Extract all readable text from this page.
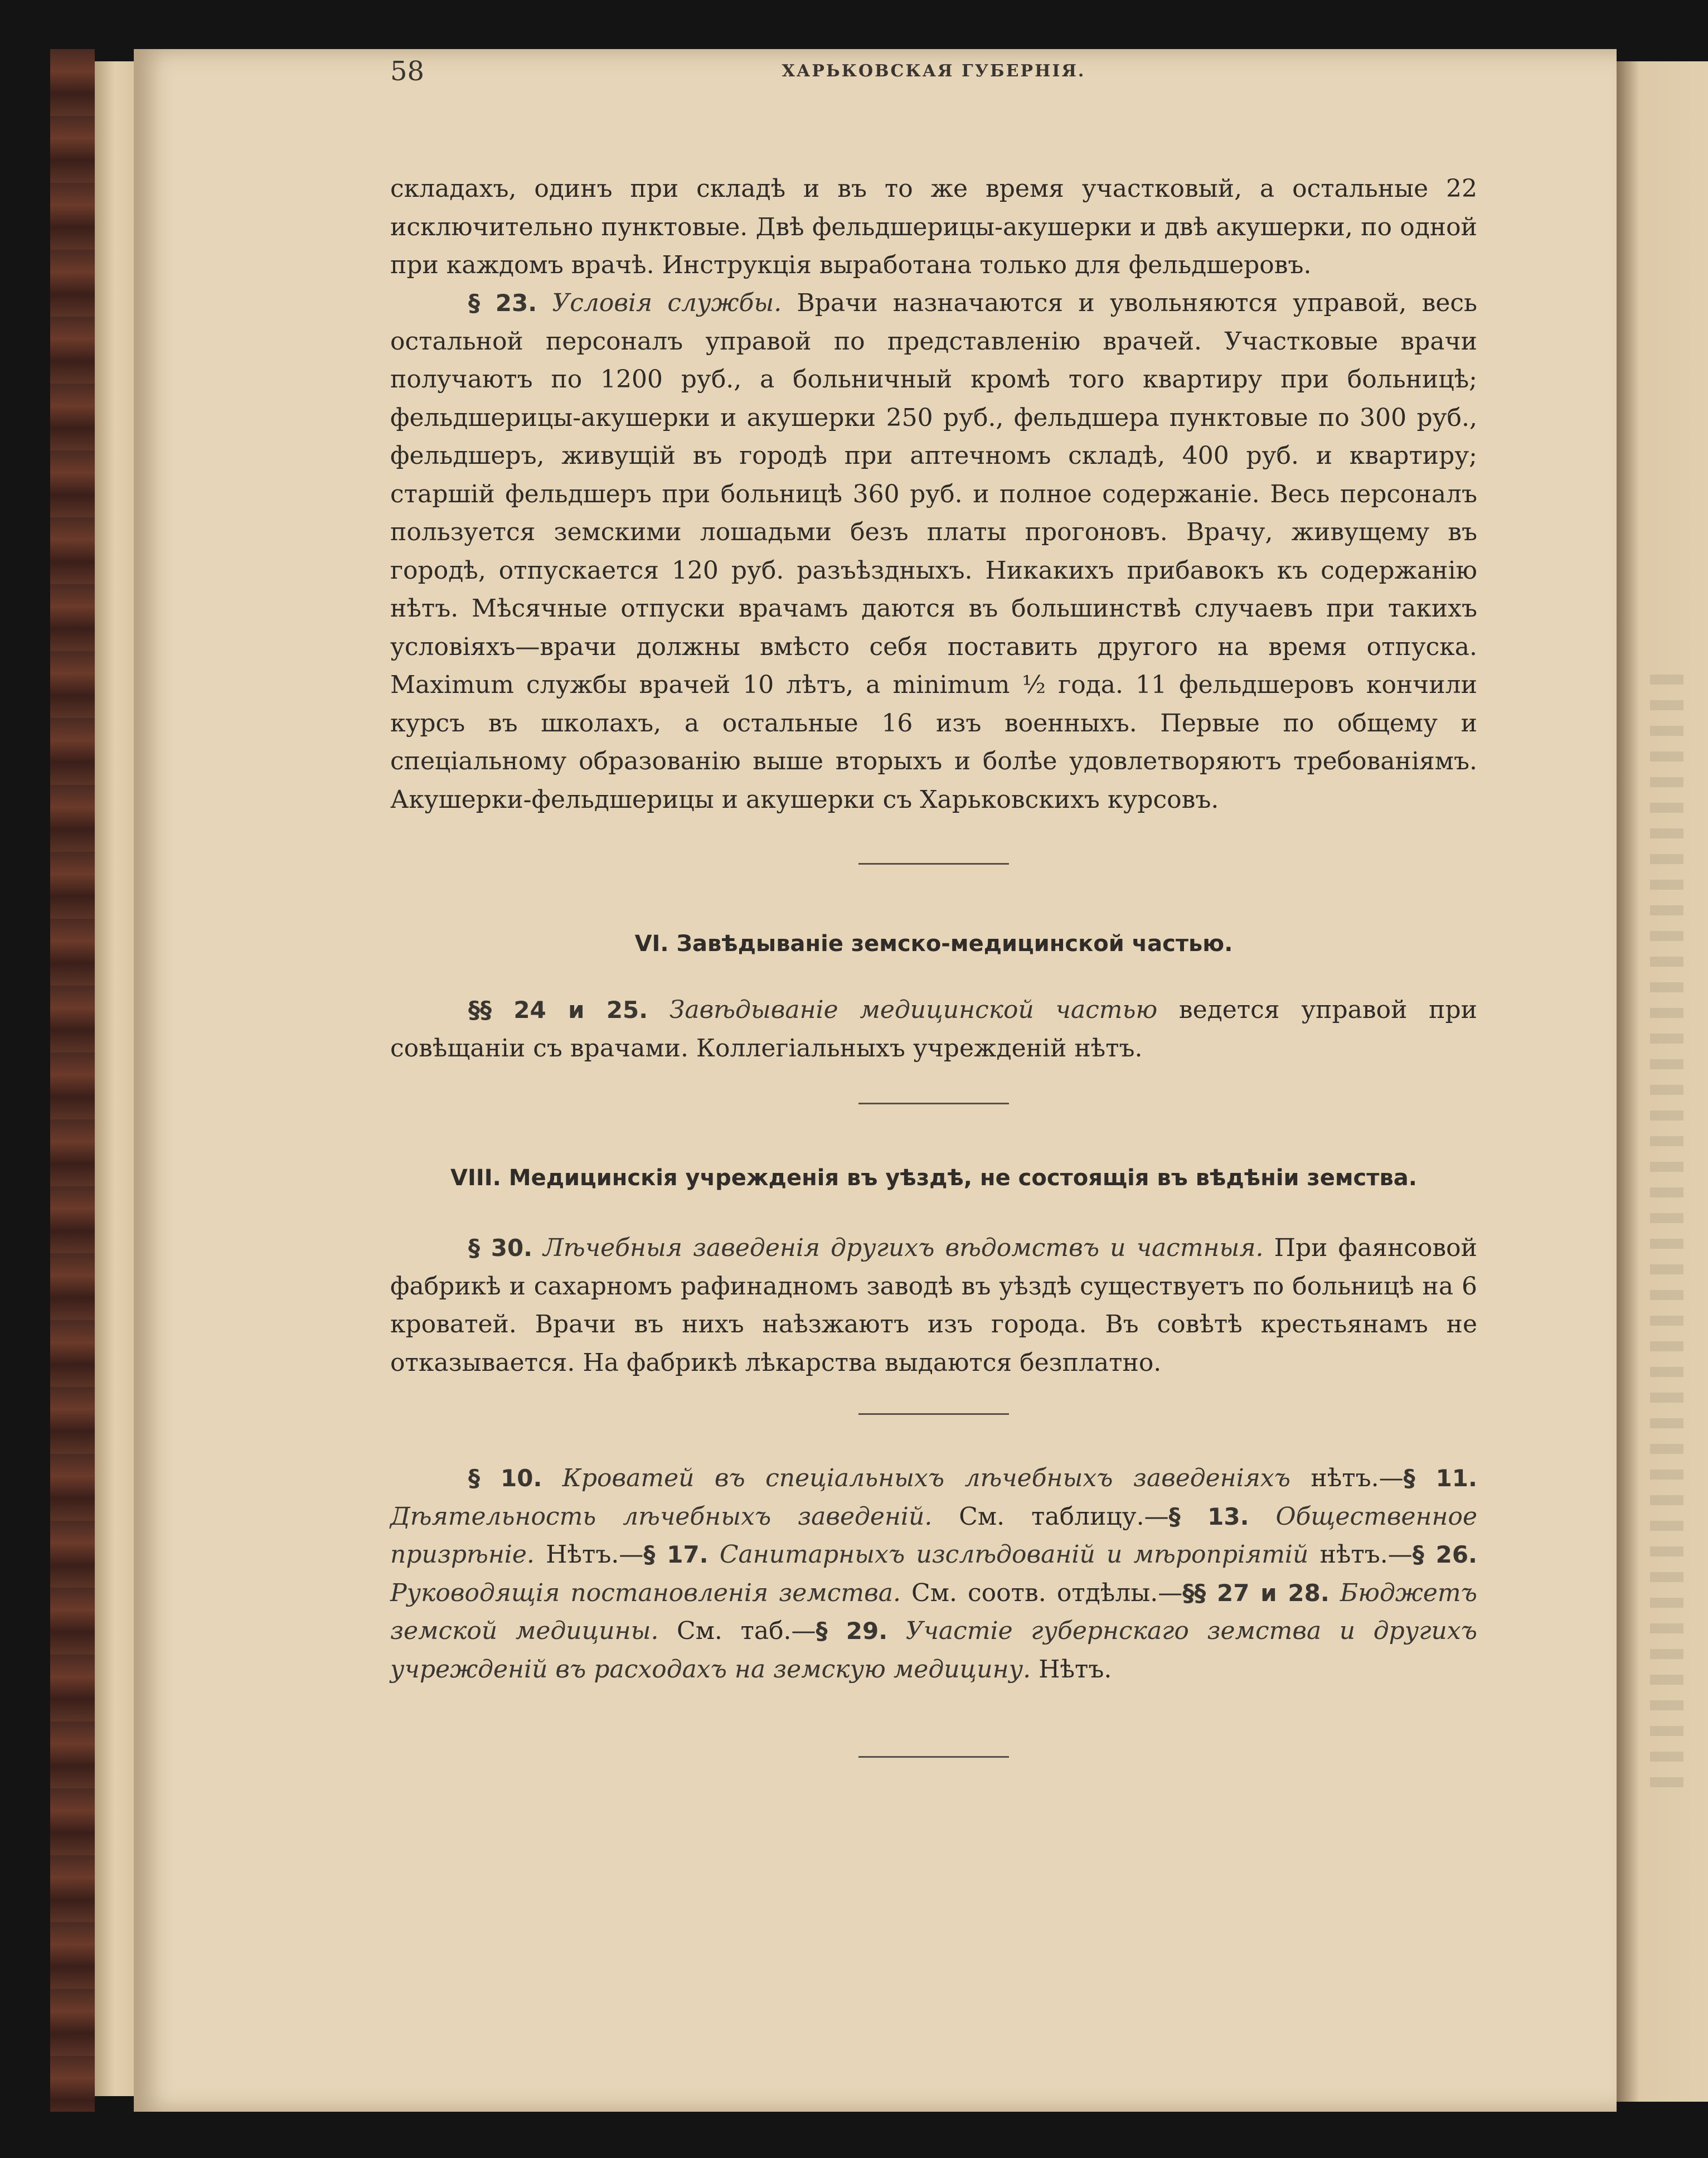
58	ХАРЬКОВСКАЯ ГУБЕРНІЯ.

складахъ, одинъ при складѣ и въ то же время участковый, а остальные 22 исключительно пунктовые. Двѣ фельдшерицы-акушерки и двѣ акушерки, по одной при каждомъ врачѣ. Инструкція выработана только для фельдшеровъ.

§ 23. Условія службы. Врачи назначаются и увольняются управой, весь остальной персоналъ управой по представленію врачей. Участковые врачи получаютъ по 1200 руб., а больничный кромѣ того квартиру при больницѣ; фельдшерицы-акушерки и акушерки 250 руб., фельдшера пунктовые по 300 руб., фельдшеръ, живущій въ городѣ при аптечномъ складѣ, 400 руб. и квартиру; старшій фельдшеръ при больницѣ 360 руб. и полное содержаніе. Весь персоналъ пользуется земскими лошадьми безъ платы прогоновъ. Врачу, живущему въ городѣ, отпускается 120 руб. разъѣздныхъ. Никакихъ прибавокъ къ содержанію нѣтъ. Мѣсячные отпуски врачамъ даются въ большинствѣ случаевъ при такихъ условіяхъ—врачи должны вмѣсто себя поставить другого на время отпуска. Maximum службы врачей 10 лѣтъ, a minimum ½ года. 11 фельдшеровъ кончили курсъ въ школахъ, а остальные 16 изъ военныхъ. Первые по общему и спеціальному образованію выше вторыхъ и болѣе удовлетворяютъ требованіямъ. Акушерки-фельдшерицы и акушерки съ Харьковскихъ курсовъ.

VI. Завѣдываніе земско-медицинской частью.

§§ 24 и 25. Завѣдываніе медицинской частью ведется управой при совѣщаніи съ врачами. Коллегіальныхъ учрежденій нѣтъ.

VIII. Медицинскія учрежденія въ уѣздѣ, не состоящія въ вѣдѣніи земства.

§ 30. Лѣчебныя заведенія другихъ вѣдомствъ и частныя. При фаянсовой фабрикѣ и сахарномъ рафинадномъ заводѣ въ уѣздѣ существуетъ по больницѣ на 6 кроватей. Врачи въ нихъ наѣзжаютъ изъ города. Въ совѣтѣ крестьянамъ не отказывается. На фабрикѣ лѣкарства выдаются безплатно.

§ 10. Кроватей въ спеціальныхъ лѣчебныхъ заведеніяхъ нѣтъ.—§ 11. Дѣятельность лѣчебныхъ заведеній. См. таблицу.—§ 13. Общественное призрѣніе. Нѣтъ.—§ 17. Санитарныхъ изслѣдованій и мѣропріятій нѣтъ.—§ 26. Руководящія постановленія земства. См. соотв. отдѣлы.—§§ 27 и 28. Бюджетъ земской медицины. См. таб.—§ 29. Участіе губернскаго земства и другихъ учрежденій въ расходахъ на земскую медицину. Нѣтъ.
